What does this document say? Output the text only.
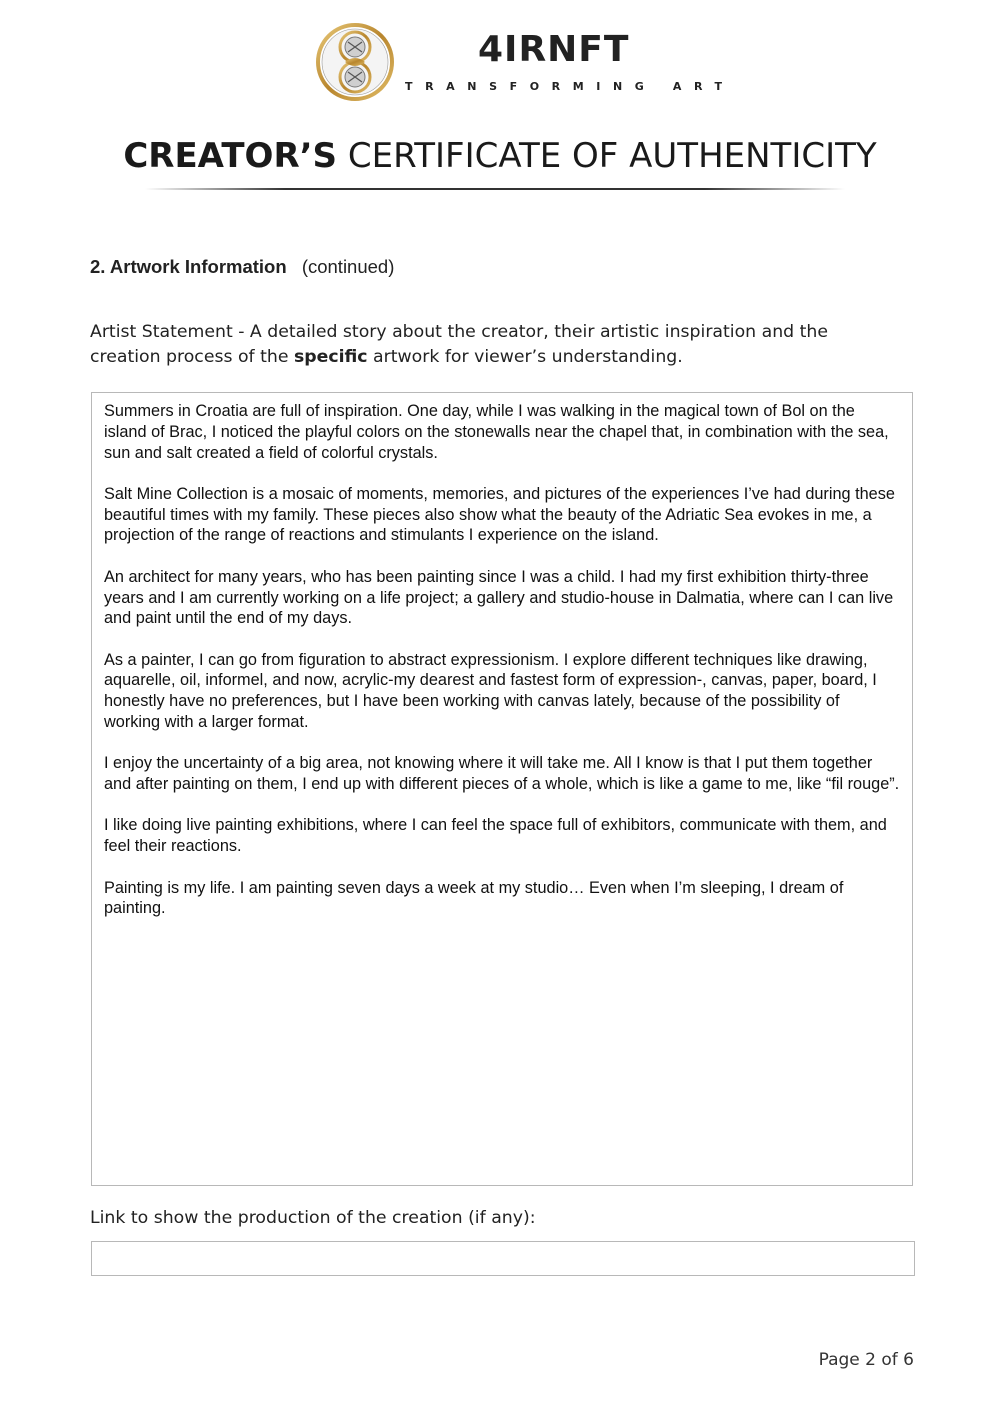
4IRNFT
TRANSFORMING ART
CREATOR’S CERTIFICATE OF AUTHENTICITY
2. Artwork Information (continued)
Artist Statement - A detailed story about the creator, their artistic inspiration and the creation process of the specific artwork for viewer’s understanding.

Summers in Croatia are full of inspiration. One day, while I was walking in the magical town of Bol on the island of Brac, I noticed the playful colors on the stonewalls near the chapel that, in combination with the sea, sun and salt created a field of colorful crystals.

Salt Mine Collection is a mosaic of moments, memories, and pictures of the experiences I’ve had during these beautiful times with my family. These pieces also show what the beauty of the Adriatic Sea evokes in me, a projection of the range of reactions and stimulants I experience on the island.

An architect for many years, who has been painting since I was a child. I had my first exhibition thirty-three years and I am currently working on a life project; a gallery and studio-house in Dalmatia, where can I can live and paint until the end of my days.

As a painter, I can go from figuration to abstract expressionism. I explore different techniques like drawing, aquarelle, oil, informel, and now, acrylic-my dearest and fastest form of expression-, canvas, paper, board, I honestly have no preferences, but I have been working with canvas lately, because of the possibility of working with a larger format.

I enjoy the uncertainty of a big area, not knowing where it will take me. All I know is that I put them together and after painting on them, I end up with different pieces of a whole, which is like a game to me, like “fil rouge”.

I like doing live painting exhibitions, where I can feel the space full of exhibitors, communicate with them, and feel their reactions.

Painting is my life. I am painting seven days a week at my studio… Even when I’m sleeping, I dream of painting.

Link to show the production of the creation (if any):
Page 2 of 6
